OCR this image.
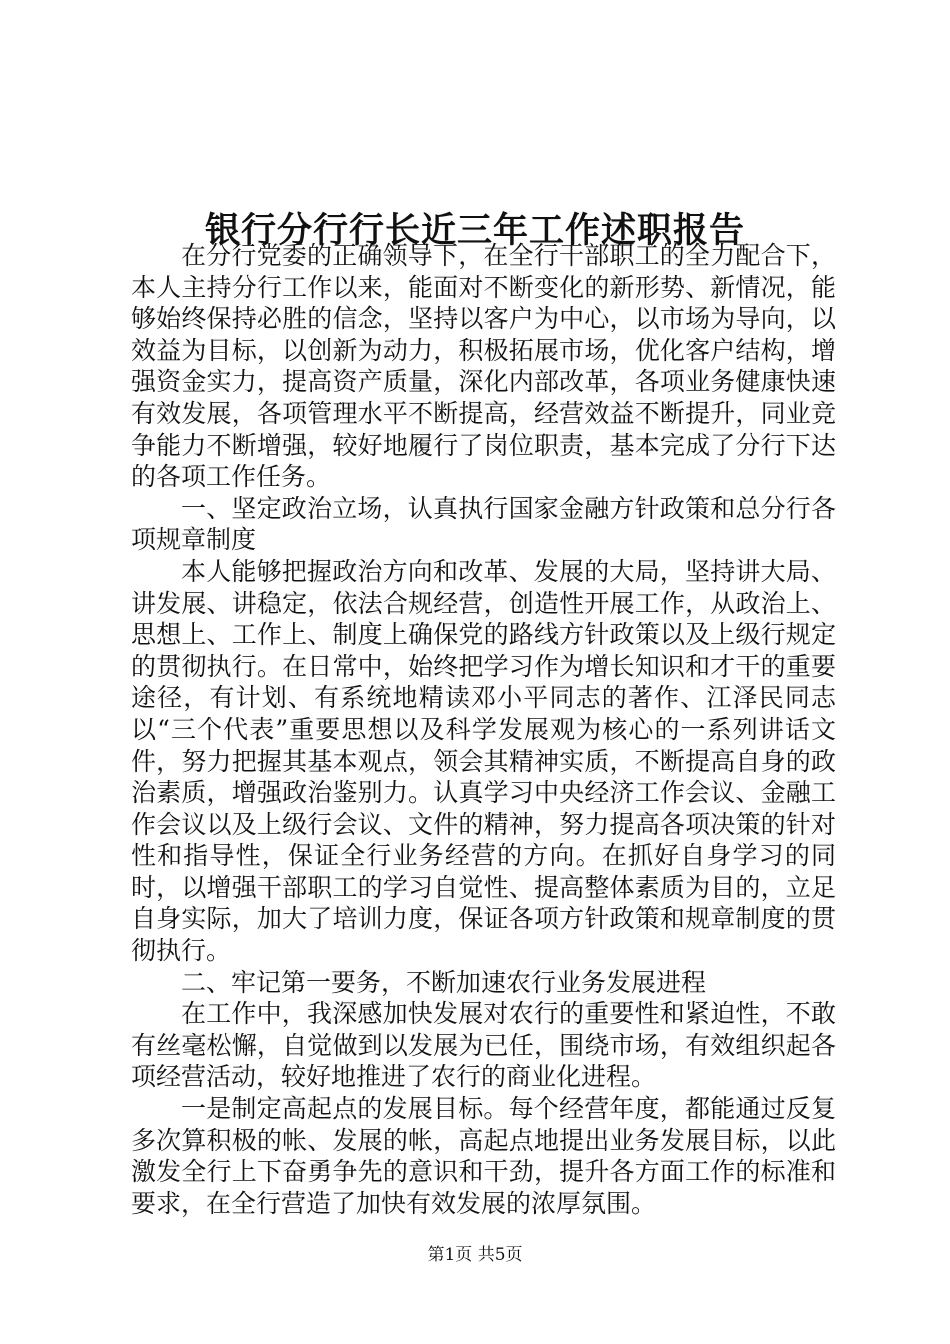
银行分行行长近三年工作述职报告

在分行党委的正确领导下，在全行干部职工的全力配合下，本人主持分行工作以来，能面对不断变化的新形势、新情况，能够始终保持必胜的信念，坚持以客户为中心，以市场为导向，以效益为目标，以创新为动力，积极拓展市场，优化客户结构，增强资金实力，提高资产质量，深化内部改革，各项业务健康快速有效发展，各项管理水平不断提高，经营效益不断提升，同业竞争能力不断增强，较好地履行了岗位职责，基本完成了分行下达的各项工作任务。

一、坚定政治立场，认真执行国家金融方针政策和总分行各项规章制度

本人能够把握政治方向和改革、发展的大局，坚持讲大局、讲发展、讲稳定，依法合规经营，创造性开展工作，从政治上、思想上、工作上、制度上确保党的路线方针政策以及上级行规定的贯彻执行。在日常中，始终把学习作为增长知识和才干的重要途径，有计划、有系统地精读邓小平同志的著作、江泽民同志以“三个代表”重要思想以及科学发展观为核心的一系列讲话文件，努力把握其基本观点，领会其精神实质，不断提高自身的政治素质，增强政治鉴别力。认真学习中央经济工作会议、金融工作会议以及上级行会议、文件的精神，努力提高各项决策的针对性和指导性，保证全行业务经营的方向。在抓好自身学习的同时，以增强干部职工的学习自觉性、提高整体素质为目的，立足自身实际，加大了培训力度，保证各项方针政策和规章制度的贯彻执行。

二、牢记第一要务，不断加速农行业务发展进程

在工作中，我深感加快发展对农行的重要性和紧迫性，不敢有丝毫松懈，自觉做到以发展为已任，围绕市场，有效组织起各项经营活动，较好地推进了农行的商业化进程。

一是制定高起点的发展目标。每个经营年度，都能通过反复多次算积极的帐、发展的帐，高起点地提出业务发展目标，以此激发全行上下奋勇争先的意识和干劲，提升各方面工作的标准和要求，在全行营造了加快有效发展的浓厚氛围。

第1页 共5页
